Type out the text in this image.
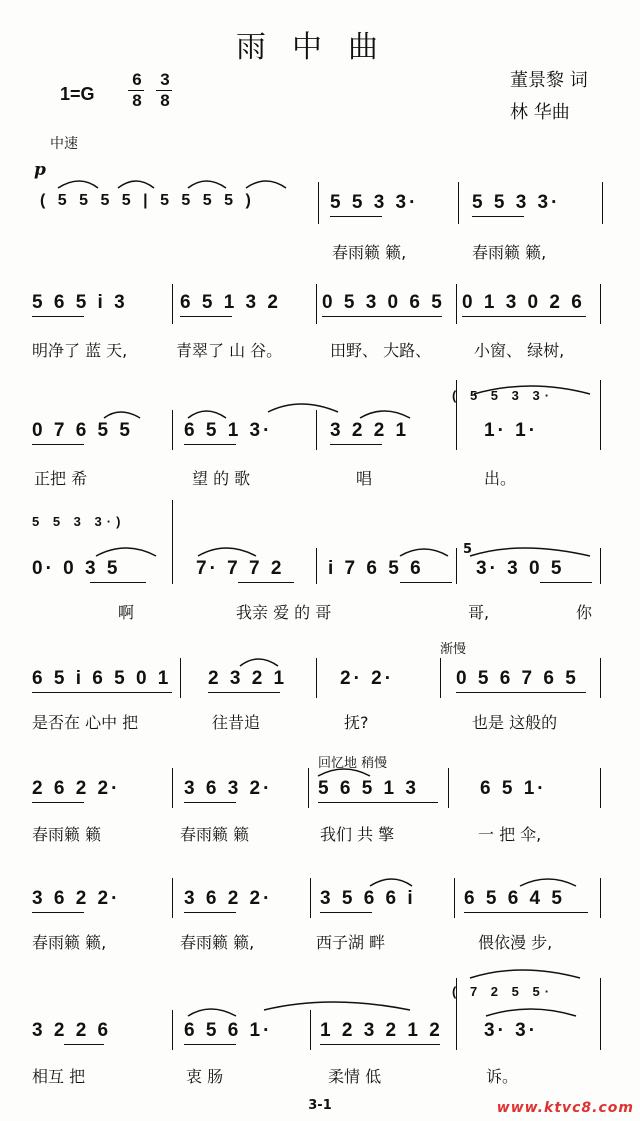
雨中曲
1=G
6
8
3
8
董景黎 词
林 华曲
中速
p
( 5 5 5 5 | 5 5 5 5 )	5 5 3 3·	5 5 3 3·
春雨籁 籁,	春雨籁 籁,
5 6 5 i 3	6 5 1 3 2 0 5 3 0 6 5 0 1 3 0 2 6
明净了 蓝 天,	青翠了 山 谷。	田野、 大路、	小窗、 绿树,
( 5 5 3 3·
0 7 6 5 5	6 5 1 3·	3 2 2 1	1· 1·
正把 希	望 的 歌	唱	出。
5 5 3 3·)
0· 0 3 5	7· 7 7 2 i 7 6 5 6
5
3· 3 0 5
啊	我亲 爱 的 哥	哥,	你
渐慢
6 5 i 6 5 0 1 2 3 2 1	2· 2·	0 5 6 7 6 5
是否在 心中 把	往昔追	抚?	也是 这般的
回忆地 稍慢
2 6 2 2·	3 6 3 2· 5 6 5 1 3	6 5 1·
春雨籁 籁	春雨籁 籁	我们 共 擎	一 把 伞,
3 6 2 2·	3 6 2 2·	3 5 6 6 i	6 5 6 4 5
春雨籁 籁,	春雨籁 籁,	西子湖 畔	偎依漫 步,
( 7 2 5 5·
3 2 2 6	6 5 6 1·	1 2 3 2 1 2 3· 3·
相互 把	衷 肠	柔情 低	诉。
3-1	www.ktvc8.com
